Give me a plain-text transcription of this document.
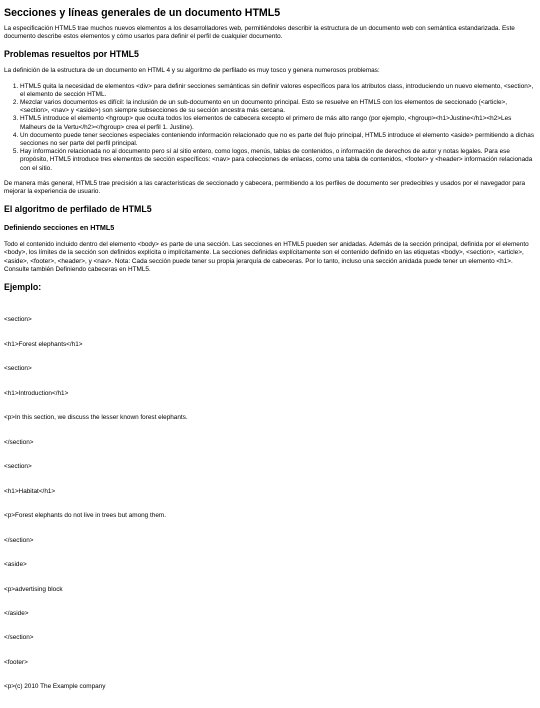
Secciones y líneas generales de un documento HTML5

La especificación HTML5 trae muchos nuevos elementos a los desarrolladores web, permitiéndoles describir la estructura de un documento web con semántica estandarizada. Este documento describe estos elementos y cómo usarlos para definir el perfil de cualquier documento.

Problemas resueltos por HTML5

La definición de la estructura de un documento en HTML 4 y su algoritmo de perfilado es muy tosco y genera numerosos problemas:

1. HTML5 quita la necesidad de elementos <div> para definir secciones semánticas sin definir valores específicos para los atributos class, introduciendo un nuevo elemento, <section>, el elemento de sección HTML.
2. Mezclar varios documentos es difícil: la inclusión de un sub-documento en un documento principal. Esto se resuelve en HTML5 con los elementos de seccionado (<article>, <section>, <nav> y <aside>) son siempre subsecciones de su sección ancestra más cercana.
3. HTML5 introduce el elemento <hgroup> que oculta todos los elementos de cabecera excepto el primero de más alto rango (por ejemplo, <hgroup><h1>Justine</h1><h2>Les Malheurs de la Vertu</h2></hgroup> crea el perfil 1. Justine).
4. Un documento puede tener secciones especiales conteniendo información relacionado que no es parte del flujo principal, HTML5 introduce el elemento <aside> permitiendo a dichas secciones no ser parte del perfil principal.
5. Hay información relacionada no al documento pero sí al sitio entero, como logos, menús, tablas de contenidos, o información de derechos de autor y notas legales. Para ese propósito, HTML5 introduce tres elementos de sección específicos: <nav> para colecciones de enlaces, como una tabla de contenidos, <footer> y <header> información relacionada con el sitio.

De manera más general, HTML5 trae precisión a las características de seccionado y cabecera, permitiendo a los perfiles de documento ser predecibles y usados por el navegador para mejorar la experiencia de usuario.

El algoritmo de perfilado de HTML5
Definiendo secciones en HTML5

Todo el contenido incluido dentro del elemento <body> es parte de una sección. Las secciones en HTML5 pueden ser anidadas. Además de la sección principal, definida por el elemento <body>, los límites de la sección son definidos explícita o implícitamente. La secciones definidas explícitamente son el contenido definido en las etiquetas <body>, <section>, <article>, <aside>, <footer>, <header>, y <nav>. Nota: Cada sección puede tener su propia jerarquía de cabeceras. Por lo tanto, incluso una sección anidada puede tener un elemento <h1>. Consulte también Definiendo cabeceras en HTML5.

Ejemplo:

<section>

<h1>Forest elephants</h1>

<section>

<h1>Introduction</h1>

<p>In this section, we discuss the lesser known forest elephants.

</section>

<section>

<h1>Habitat</h1>

<p>Forest elephants do not live in trees but among them.

</section>

<aside>

<p>advertising block

</aside>

</section>

<footer>

<p>(c) 2010 The Example company
